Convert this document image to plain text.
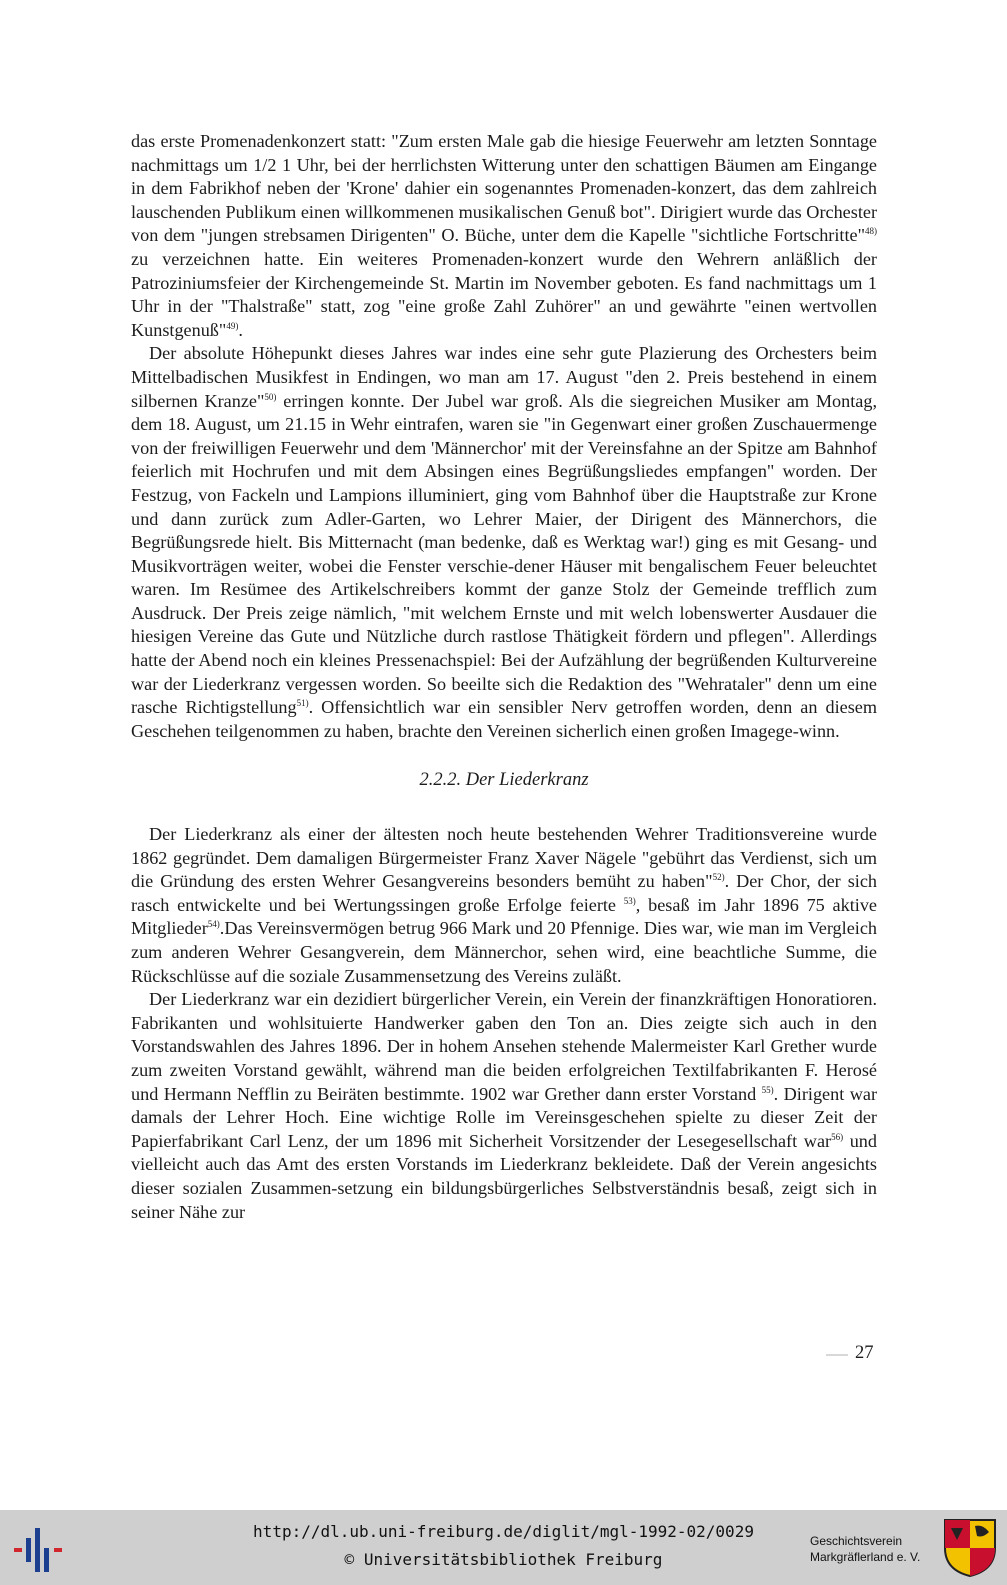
das erste Promenadenkonzert statt: "Zum ersten Male gab die hiesige Feuerwehr am letzten Sonntage nachmittags um 1/2 1 Uhr, bei der herrlichsten Witterung unter den schattigen Bäumen am Eingange in dem Fabrikhof neben der 'Krone' dahier ein sogenanntes Promenaden-konzert, das dem zahlreich lauschenden Publikum einen willkommenen musikalischen Genuß bot". Dirigiert wurde das Orchester von dem "jungen strebsamen Dirigenten" O. Büche, unter dem die Kapelle "sichtliche Fortschritte"$^{48)}$ zu verzeichnen hatte. Ein weiteres Promenaden-konzert wurde den Wehrern anläßlich der Patroziniumsfeier der Kirchengemeinde St. Martin im November geboten. Es fand nachmittags um 1 Uhr in der "Thalstraße" statt, zog "eine große Zahl Zuhörer" an und gewährte "einen wertvollen Kunstgenuß"$^{49)}$.

Der absolute Höhepunkt dieses Jahres war indes eine sehr gute Plazierung des Orchesters beim Mittelbadischen Musikfest in Endingen, wo man am 17. August "den 2. Preis bestehend in einem silbernen Kranze"$^{50)}$ erringen konnte. Der Jubel war groß. Als die siegreichen Musiker am Montag, dem 18. August, um 21.15 in Wehr eintrafen, waren sie "in Gegenwart einer großen Zuschauermenge von der freiwilligen Feuerwehr und dem 'Männerchor' mit der Vereinsfahne an der Spitze am Bahnhof feierlich mit Hochrufen und mit dem Absingen eines Begrüßungsliedes empfangen" worden. Der Festzug, von Fackeln und Lampions illuminiert, ging vom Bahnhof über die Hauptstraße zur Krone und dann zurück zum Adler-Garten, wo Lehrer Maier, der Dirigent des Männerchors, die Begrüßungsrede hielt. Bis Mitternacht (man bedenke, daß es Werktag war!) ging es mit Gesang- und Musikvorträgen weiter, wobei die Fenster verschie-dener Häuser mit bengalischem Feuer beleuchtet waren. Im Resümee des Artikelschreibers kommt der ganze Stolz der Gemeinde trefflich zum Ausdruck. Der Preis zeige nämlich, "mit welchem Ernste und mit welch lobenswerter Ausdauer die hiesigen Vereine das Gute und Nützliche durch rastlose Thätigkeit fördern und pflegen". Allerdings hatte der Abend noch ein kleines Pressenachspiel: Bei der Aufzählung der begrüßenden Kulturvereine war der Liederkranz vergessen worden. So beeilte sich die Redaktion des "Wehrataler" denn um eine rasche Richtigstellung$^{51)}$. Offensichtlich war ein sensibler Nerv getroffen worden, denn an diesem Geschehen teilgenommen zu haben, brachte den Vereinen sicherlich einen großen Imagege-winn.

2.2.2. Der Liederkranz

Der Liederkranz als einer der ältesten noch heute bestehenden Wehrer Traditionsvereine wurde 1862 gegründet. Dem damaligen Bürgermeister Franz Xaver Nägele "gebührt das Verdienst, sich um die Gründung des ersten Wehrer Gesangvereins besonders bemüht zu haben"$^{52)}$. Der Chor, der sich rasch entwickelte und bei Wertungssingen große Erfolge feierte $^{53)}$, besaß im Jahr 1896 75 aktive Mitglieder$^{54)}$.Das Vereinsvermögen betrug 966 Mark und 20 Pfennige. Dies war, wie man im Vergleich zum anderen Wehrer Gesangverein, dem Männerchor, sehen wird, eine beachtliche Summe, die Rückschlüsse auf die soziale Zusammensetzung des Vereins zuläßt.

Der Liederkranz war ein dezidiert bürgerlicher Verein, ein Verein der finanzkräftigen Honoratioren. Fabrikanten und wohlsituierte Handwerker gaben den Ton an. Dies zeigte sich auch in den Vorstandswahlen des Jahres 1896. Der in hohem Ansehen stehende Malermeister Karl Grether wurde zum zweiten Vorstand gewählt, während man die beiden erfolgreichen Textilfabrikanten F. Herosé und Hermann Nefflin zu Beiräten bestimmte. 1902 war Grether dann erster Vorstand $^{55)}$. Dirigent war damals der Lehrer Hoch. Eine wichtige Rolle im Vereinsgeschehen spielte zu dieser Zeit der Papierfabrikant Carl Lenz, der um 1896 mit Sicherheit Vorsitzender der Lesegesellschaft war$^{56)}$ und vielleicht auch das Amt des ersten Vorstands im Liederkranz bekleidete. Daß der Verein angesichts dieser sozialen Zusammen-setzung ein bildungsbürgerliches Selbstverständnis besaß, zeigt sich in seiner Nähe zur

27
http://dl.ub.uni-freiburg.de/diglit/mgl-1992-02/0029
© Universitätsbibliothek Freiburg
Geschichtsverein
Markgräflerland e. V.
